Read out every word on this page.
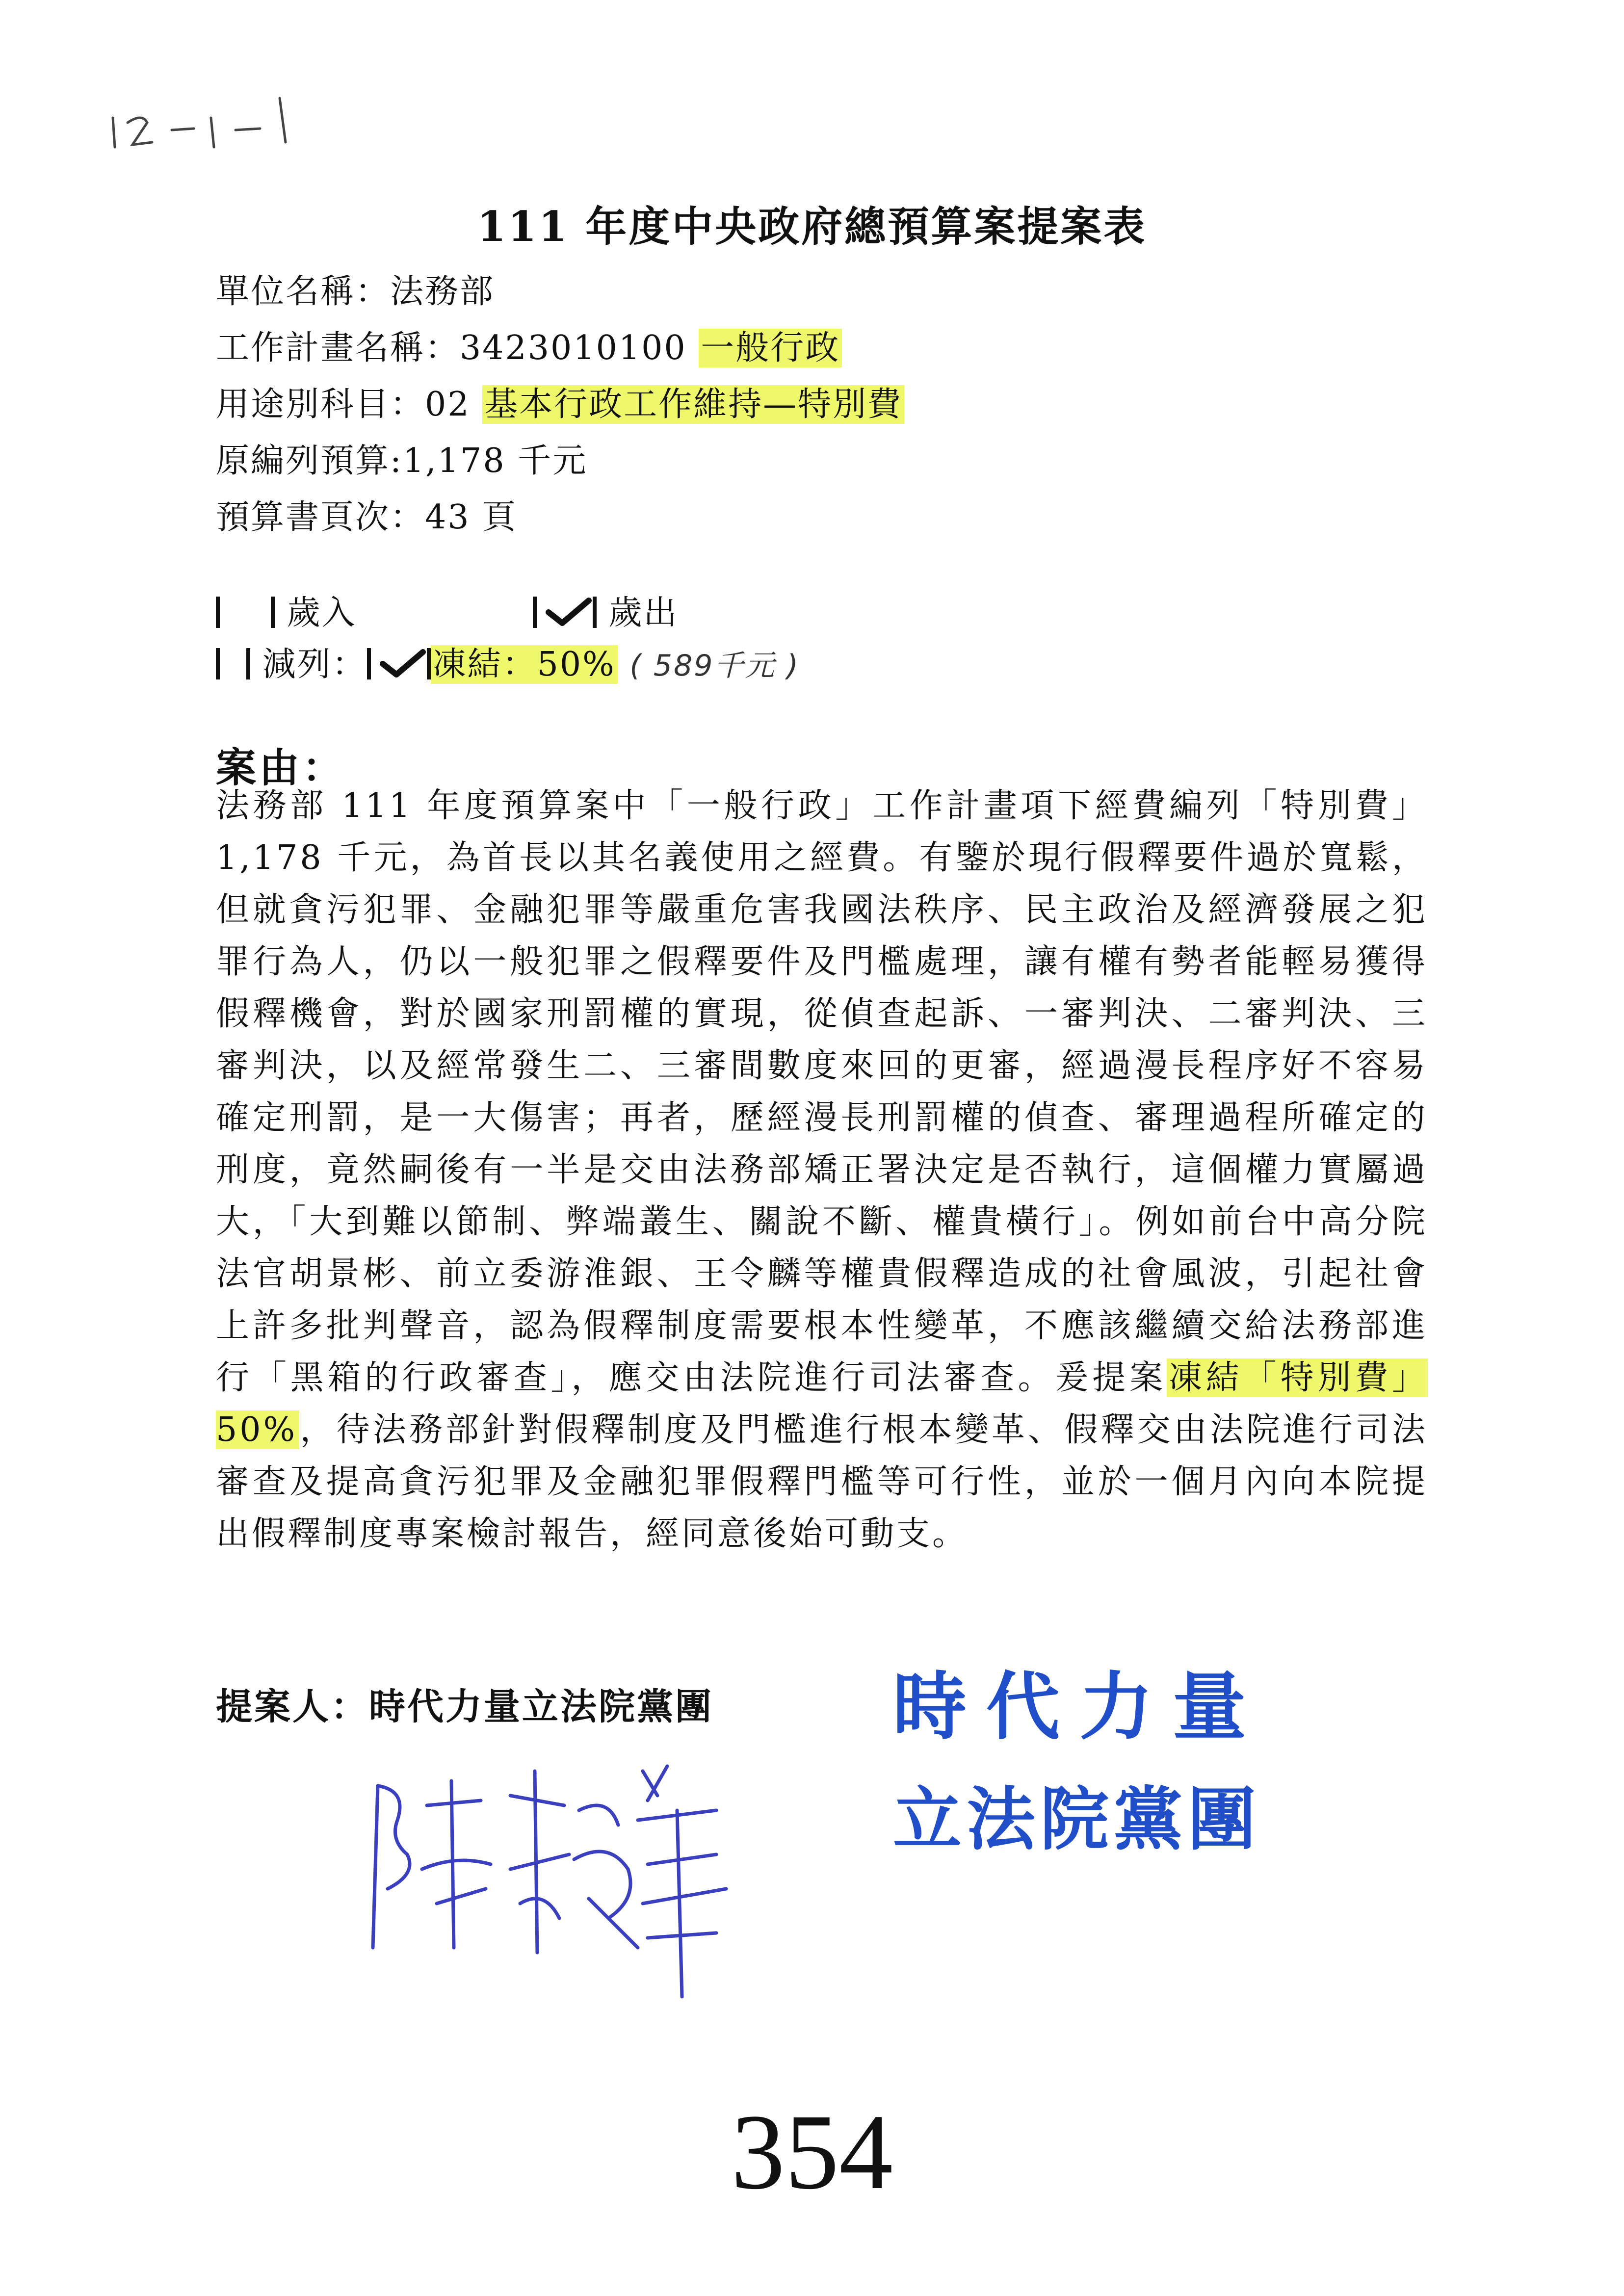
111 年度中央政府總預算案提案表
單位名稱：法務部
工作計畫名稱：3423010100 一般行政
用途別科目：02 基本行政工作維持—特別費
原編列預算:1,178 千元
預算書頁次：43 頁
歲入	歲出
減列： 凍結：50% ( 589千元 )
案由：
法務部 111 年度預算案中「一般行政」工作計畫項下經費編列「特別費」1,178 千元，為首長以其名義使用之經費。有鑒於現行假釋要件過於寬鬆，但就貪污犯罪、金融犯罪等嚴重危害我國法秩序、民主政治及經濟發展之犯罪行為人，仍以一般犯罪之假釋要件及門檻處理，讓有權有勢者能輕易獲得假釋機會，對於國家刑罰權的實現，從偵查起訴、一審判決、二審判決、三審判決，以及經常發生二、三審間數度來回的更審，經過漫長程序好不容易確定刑罰，是一大傷害；再者，歷經漫長刑罰權的偵查、審理過程所確定的刑度，竟然嗣後有一半是交由法務部矯正署決定是否執行，這個權力實屬過大，「大到難以節制、弊端叢生、關說不斷、權貴橫行」。例如前台中高分院法官胡景彬、前立委游淮銀、王令麟等權貴假釋造成的社會風波，引起社會上許多批判聲音，認為假釋制度需要根本性變革，不應該繼續交給法務部進行「黑箱的行政審查」，應交由法院進行司法審查。爰提案凍結「特別費」50%，待法務部針對假釋制度及門檻進行根本變革、假釋交由法院進行司法審查及提高貪污犯罪及金融犯罪假釋門檻等可行性，並於一個月內向本院提出假釋制度專案檢討報告，經同意後始可動支。
提案人：時代力量立法院黨團 時代力量
立法院黨團
354
